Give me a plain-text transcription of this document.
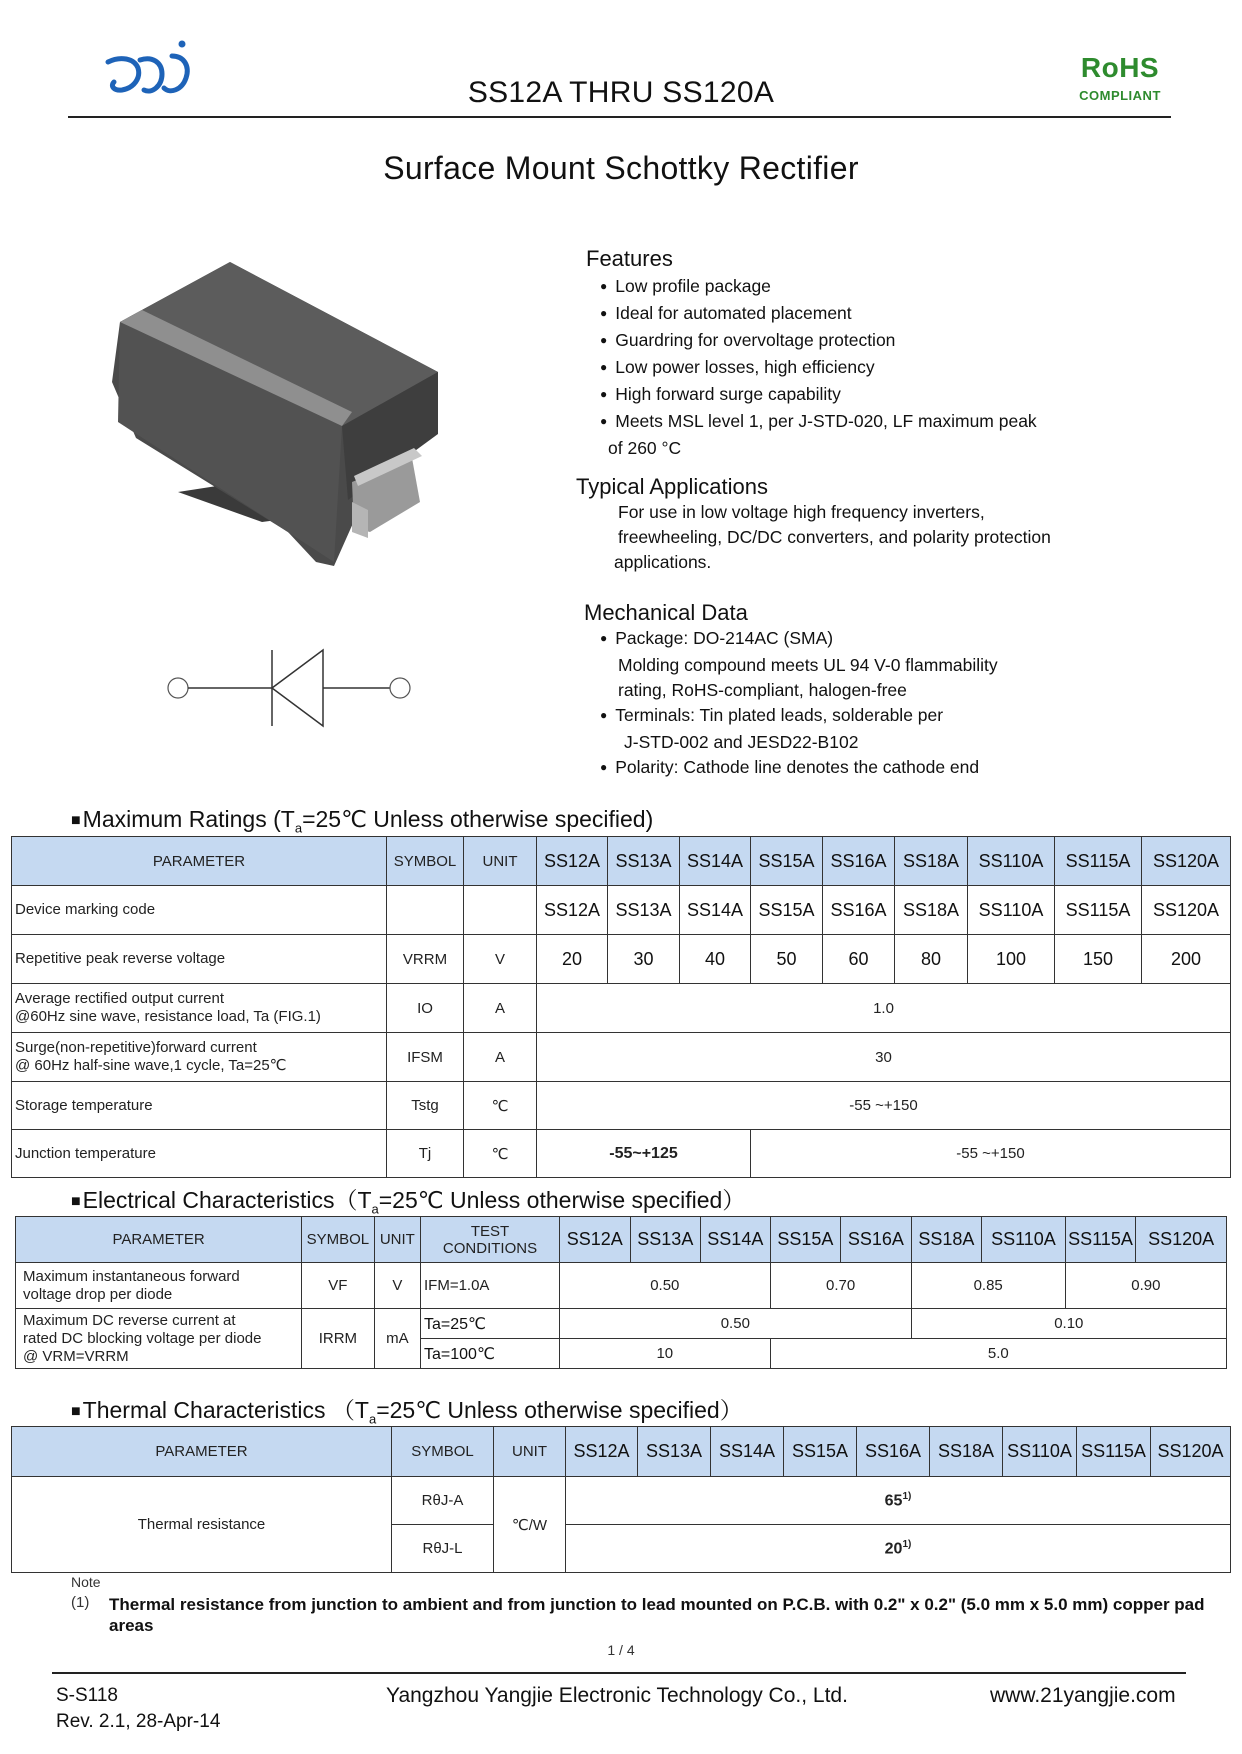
SS12A THRU SS120A
RoHS
COMPLIANT
Surface Mount Schottky Rectifier
Features
● Low profile package
● Ideal for automated placement
● Guardring for overvoltage protection
● Low power losses, high efficiency
● High forward surge capability
● Meets MSL level 1, per J-STD-020, LF maximum peak
of 260 °C
Typical Applications
For use in low voltage high frequency inverters,
freewheeling, DC/DC converters, and polarity protection
applications.
Mechanical Data
● Package: DO-214AC (SMA)
Molding compound meets UL 94 V-0 flammability
rating, RoHS-compliant, halogen-free
● Terminals: Tin plated leads, solderable per
J-STD-002 and JESD22-B102
● Polarity: Cathode line denotes the cathode end
■Maximum Ratings ($T_a=25℃$ Unless otherwise specified)
PARAMETER	SYMBOL	UNIT	SS12A	SS13A	SS14A	SS15A	SS16A	SS18A	SS110A	SS115A	SS120A
Device marking code			SS12A	SS13A	SS14A	SS15A	SS16A	SS18A	SS110A	SS115A	SS120A
Repetitive peak reverse voltage	VRRM	V	20	30	40	50	60	80	100	150	200
Average rectified output current
@60Hz sine wave, resistance load, Ta (FIG.1)	IO	A	1.0								
Surge(non-repetitive)forward current
@ 60Hz half-sine wave,1 cycle, Ta=25℃	IFSM	A	30								
Storage temperature	Tstg	℃	-55 ~+150								
Junction temperature	Tj	℃	-55~+125			-55 ~+150					
■Electrical $Characteristics(T_a=25℃$ Unless otherwise specified）
PARAMETER	SYMBOL	UNIT	TEST
CONDITIONS	SS12A	SS13A	SS14A	SS15A	SS16A	SS18A	SS110A	SS115A	SS120A
Maximum instantaneous forward
voltage drop per diode	VF	V	IFM=1.0A	0.50			0.70		0.85		0.90	
Maximum DC reverse current at
rated DC blocking voltage per diode
@ VRM=VRRM	IRRM	mA	Ta=25℃	0.50					0.10			
			Ta=100℃	10			5.0					
■Thermal Characteristics （$T_a=25℃$ Unless otherwise specified）
PARAMETER	SYMBOL	UNIT	SS12A	SS13A	SS14A	SS15A	SS16A	SS18A	SS110A	SS115A	SS120A
Thermal resistance	RθJ-A	℃/W	65$^{1)}$
	RθJ-L		20$^{1)}$
Note
(1) Thermal resistance from junction to ambient and from junction to lead mounted on P.C.B. with 0.2" x 0.2" (5.0 mm x 5.0 mm) copper pad areas
1 / 4
S-S118
Rev. 2.1, 28-Apr-14
Yangzhou Yangjie Electronic Technology Co., Ltd.	www.21yangjie.com
